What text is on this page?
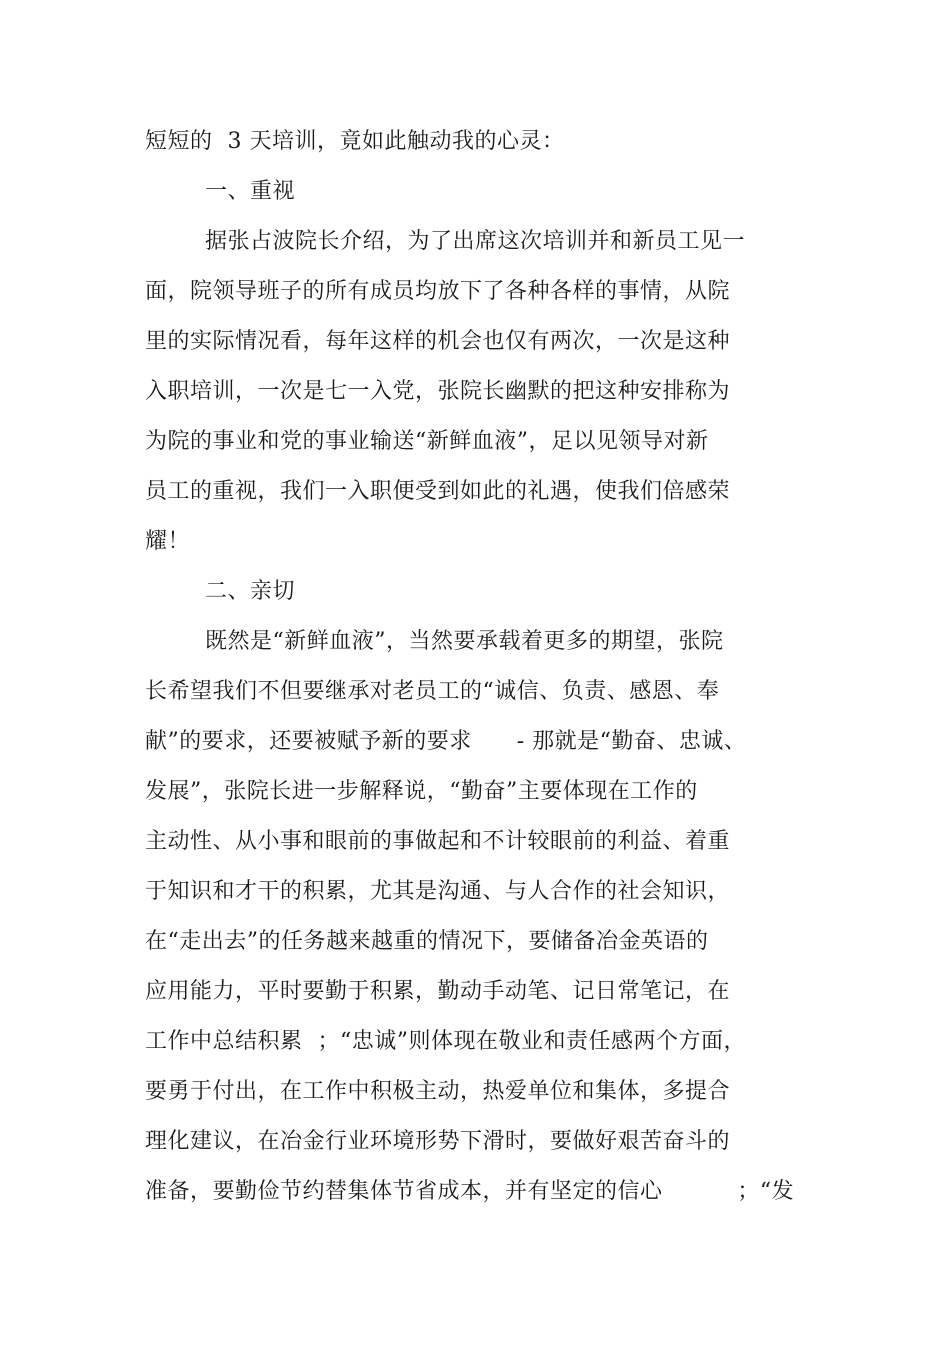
短短的  3 天培训，竟如此触动我的心灵：
一、重视
据张占波院长介绍，为了出席这次培训并和新员工见一
面，院领导班子的所有成员均放下了各种各样的事情，从院
里的实际情况看，每年这样的机会也仅有两次，一次是这种
入职培训，一次是七一入党，张院长幽默的把这种安排称为
为院的事业和党的事业输送“新鲜血液”，足以见领导对新
员工的重视，我们一入职便受到如此的礼遇，使我们倍感荣
耀！
二、亲切
既然是“新鲜血液”，当然要承载着更多的期望，张院
长希望我们不但要继承对老员工的“诚信、负责、感恩、奉
献”的要求，还要被赋予新的要求      - 那就是“勤奋、忠诚、
发展”，张院长进一步解释说，“勤奋”主要体现在工作的
主动性、从小事和眼前的事做起和不计较眼前的利益、着重
于知识和才干的积累，尤其是沟通、与人合作的社会知识，
在“走出去”的任务越来越重的情况下，要储备冶金英语的
应用能力，平时要勤于积累，勤动手动笔、记日常笔记，在
工作中总结积累  ；“忠诚”则体现在敬业和责任感两个方面，
要勇于付出，在工作中积极主动，热爱单位和集体，多提合
理化建议，在冶金行业环境形势下滑时，要做好艰苦奋斗的
准备，要勤俭节约替集体节省成本，并有坚定的信心          ；“发
